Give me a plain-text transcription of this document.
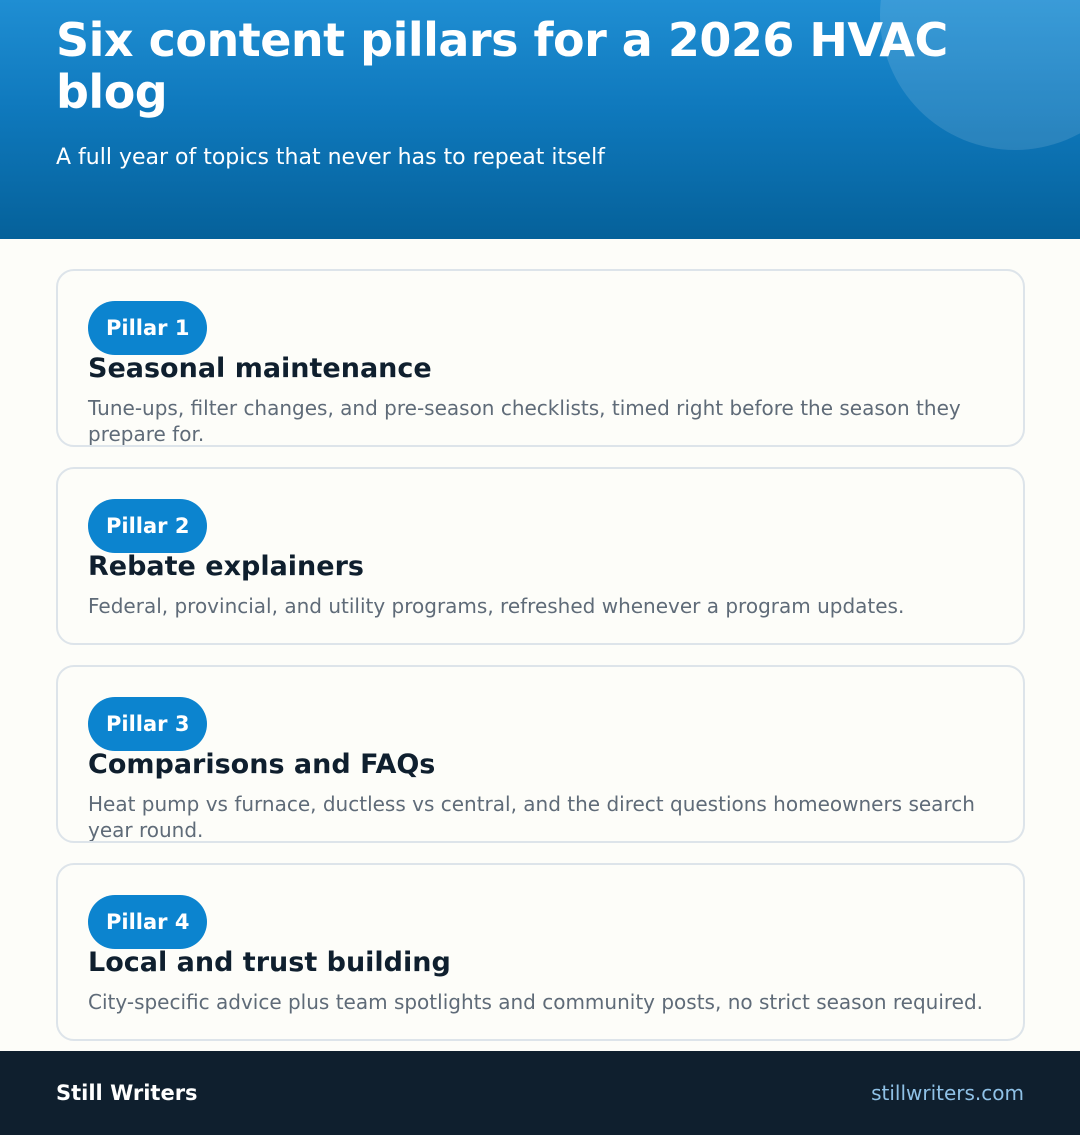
Six content pillars for a 2026 HVAC blog

A full year of topics that never has to repeat itself

Pillar 1
Seasonal maintenance

Tune-ups, filter changes, and pre-season checklists, timed right before the season they prepare for.

Pillar 2
Rebate explainers

Federal, provincial, and utility programs, refreshed whenever a program updates.

Pillar 3
Comparisons and FAQs

Heat pump vs furnace, ductless vs central, and the direct questions homeowners search year round.

Pillar 4
Local and trust building

City-specific advice plus team spotlights and community posts, no strict season required.

Still Writers	stillwriters.com
